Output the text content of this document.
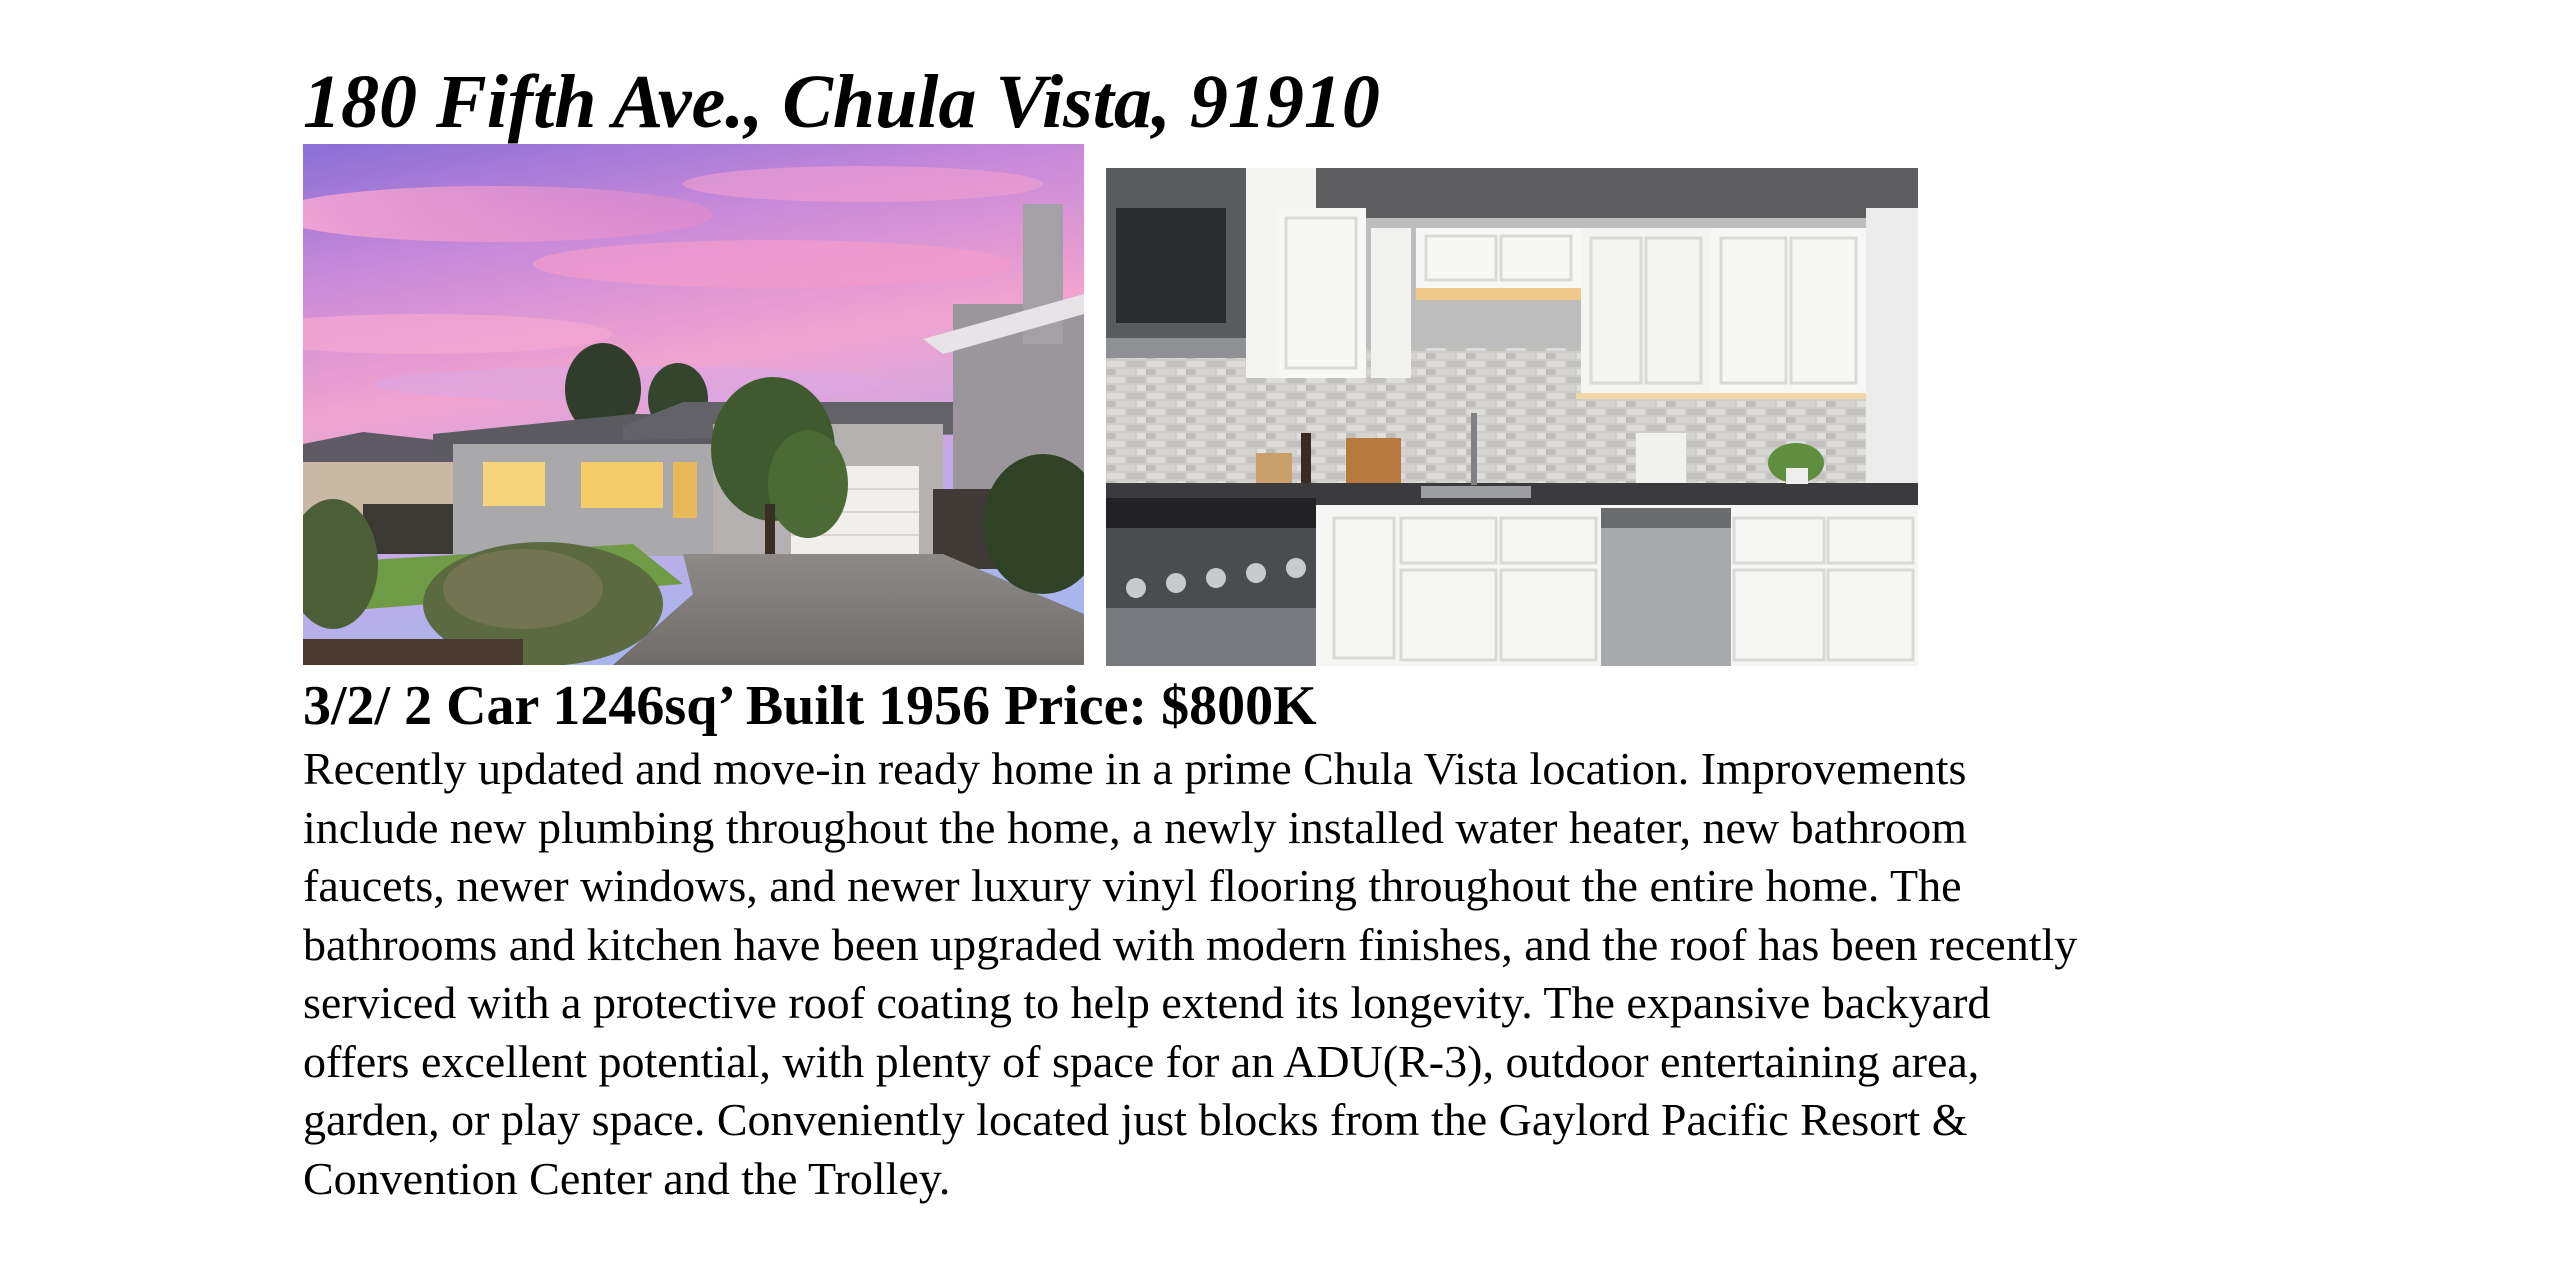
180 Fifth Ave., Chula Vista, 91910

3/2/ 2 Car 1246sq’ Built 1956 Price: $800K

Recently updated and move-in ready home in a prime Chula Vista location. Improvements
include new plumbing throughout the home, a newly installed water heater, new bathroom
faucets, newer windows, and newer luxury vinyl flooring throughout the entire home. The
bathrooms and kitchen have been upgraded with modern finishes, and the roof has been recently
serviced with a protective roof coating to help extend its longevity. The expansive backyard
offers excellent potential, with plenty of space for an ADU(R-3), outdoor entertaining area,
garden, or play space. Conveniently located just blocks from the Gaylord Pacific Resort &
Convention Center and the Trolley.
